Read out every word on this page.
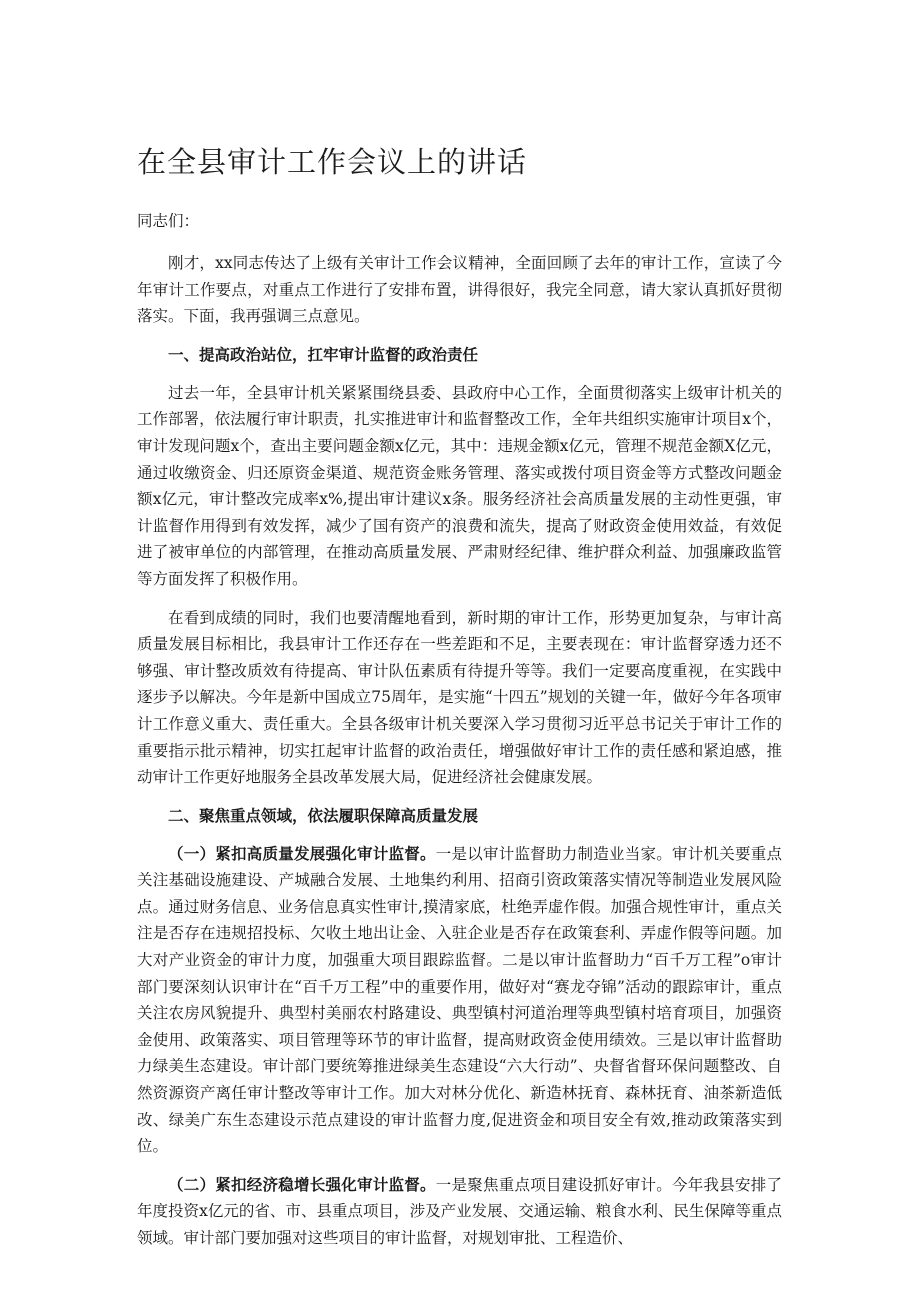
在全县审计工作会议上的讲话

同志们：

刚才，xx同志传达了上级有关审计工作会议精神，全面回顾了去年的审计工作，宣读了今年审计工作要点，对重点工作进行了安排布置，讲得很好，我完全同意，请大家认真抓好贯彻落实。下面，我再强调三点意见。

一、提高政治站位，扛牢审计监督的政治责任

过去一年，全县审计机关紧紧围绕县委、县政府中心工作，全面贯彻落实上级审计机关的工作部署，依法履行审计职责，扎实推进审计和监督整改工作，全年共组织实施审计项目x个，审计发现问题x个，查出主要问题金额x亿元，其中：违规金额x亿元，管理不规范金额X亿元，通过收缴资金、归还原资金渠道、规范资金账务管理、落实或拨付项目资金等方式整改问题金额x亿元，审计整改完成率x%,提出审计建议x条。服务经济社会高质量发展的主动性更强，审计监督作用得到有效发挥，减少了国有资产的浪费和流失，提高了财政资金使用效益，有效促进了被审单位的内部管理，在推动高质量发展、严肃财经纪律、维护群众利益、加强廉政监管等方面发挥了积极作用。

在看到成绩的同时，我们也要清醒地看到，新时期的审计工作，形势更加复杂，与审计高质量发展目标相比，我县审计工作还存在一些差距和不足，主要表现在：审计监督穿透力还不够强、审计整改质效有待提高、审计队伍素质有待提升等等。我们一定要高度重视，在实践中逐步予以解决。今年是新中国成立75周年，是实施“十四五”规划的关键一年，做好今年各项审计工作意义重大、责任重大。全县各级审计机关要深入学习贯彻习近平总书记关于审计工作的重要指示批示精神，切实扛起审计监督的政治责任，增强做好审计工作的责任感和紧迫感，推动审计工作更好地服务全县改革发展大局，促进经济社会健康发展。

二、聚焦重点领域，依法履职保障高质量发展

（一）紧扣高质量发展强化审计监督。一是以审计监督助力制造业当家。审计机关要重点关注基础设施建设、产城融合发展、土地集约利用、招商引资政策落实情况等制造业发展风险点。通过财务信息、业务信息真实性审计,摸清家底，杜绝弄虚作假。加强合规性审计，重点关注是否存在违规招投标、欠收土地出让金、入驻企业是否存在政策套利、弄虚作假等问题。加大对产业资金的审计力度，加强重大项目跟踪监督。二是以审计监督助力“百千万工程”o审计部门要深刻认识审计在“百千万工程”中的重要作用，做好对“赛龙夺锦”活动的跟踪审计，重点关注农房风貌提升、典型村美丽农村路建设、典型镇村河道治理等典型镇村培育项目，加强资金使用、政策落实、项目管理等环节的审计监督，提高财政资金使用绩效。三是以审计监督助力绿美生态建设。审计部门要统筹推进绿美生态建设“六大行动”、央督省督环保问题整改、自然资源资产离任审计整改等审计工作。加大对林分优化、新造林抚育、森林抚育、油茶新造低改、绿美广东生态建设示范点建设的审计监督力度,促进资金和项目安全有效,推动政策落实到位。

（二）紧扣经济稳增长强化审计监督。一是聚焦重点项目建设抓好审计。今年我县安排了年度投资x亿元的省、市、县重点项目，涉及产业发展、交通运输、粮食水利、民生保障等重点领域。审计部门要加强对这些项目的审计监督，对规划审批、工程造价、
